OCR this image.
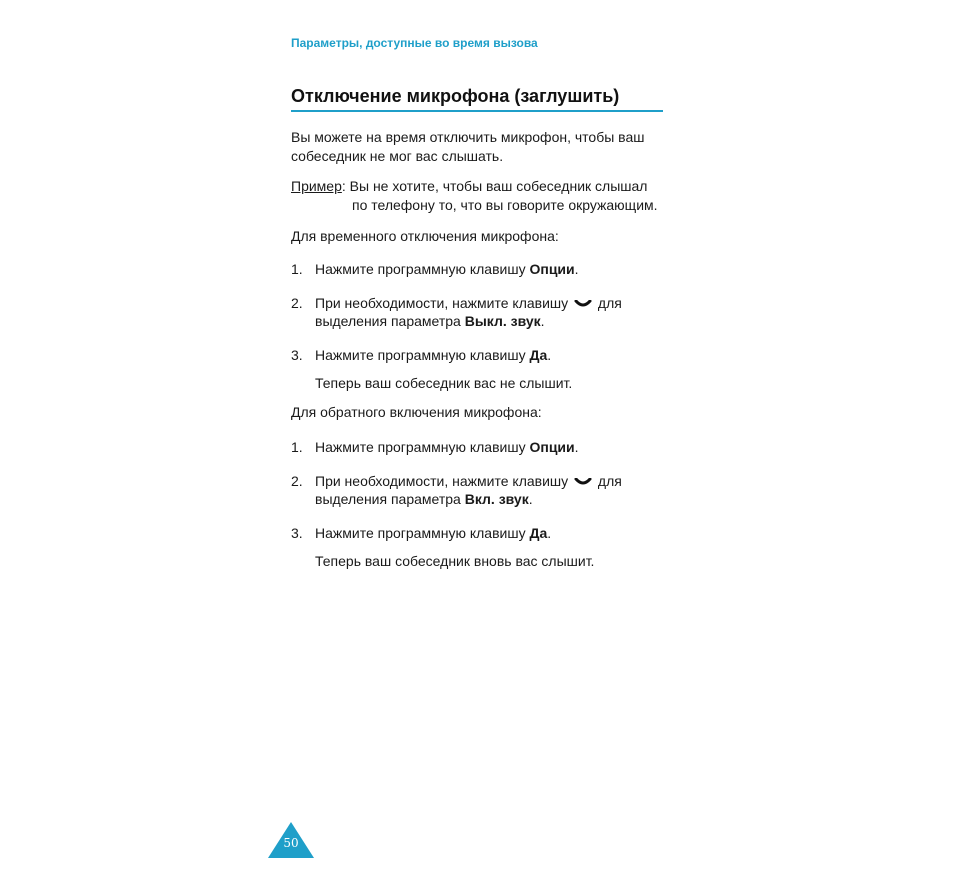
Параметры, доступные во время вызова
Отключение микрофона (заглушить)

Вы можете на время отключить микрофон, чтобы ваш

собеседник не мог вас слышать.

Пример: Вы не хотите, чтобы ваш собеседник слышал

по телефону то, что вы говорите окружающим.

Для временного отключения микрофона:

1. Нажмите программную клавишу Опции.
2. При необходимости, нажмите клавишу для
выделения параметра Выкл. звук.
3. Нажмите программную клавишу Да.
Теперь ваш собеседник вас не слышит.

Для обратного включения микрофона:

1. Нажмите программную клавишу Опции.
2. При необходимости, нажмите клавишу для
выделения параметра Вкл. звук.
3. Нажмите программную клавишу Да.
Теперь ваш собеседник вновь вас слышит.
50
